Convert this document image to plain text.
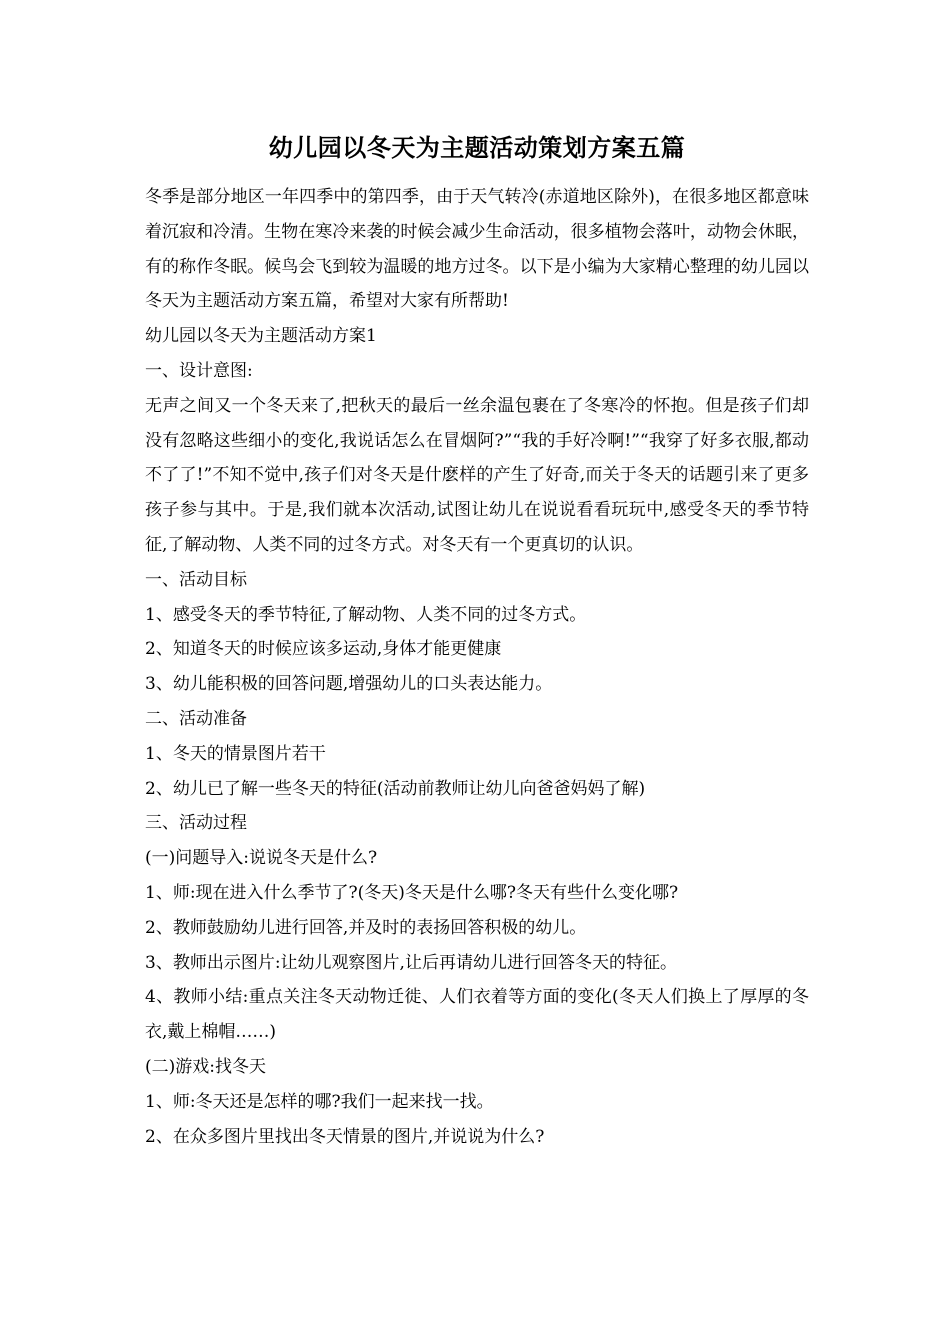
幼儿园以冬天为主题活动策划方案五篇

冬季是部分地区一年四季中的第四季，由于天气转冷(赤道地区除外)，在很多地区都意味着沉寂和冷清。生物在寒冷来袭的时候会减少生命活动，很多植物会落叶，动物会休眠，有的称作冬眠。候鸟会飞到较为温暖的地方过冬。以下是小编为大家精心整理的幼儿园以冬天为主题活动方案五篇，希望对大家有所帮助!

幼儿园以冬天为主题活动方案1

一、设计意图:

无声之间又一个冬天来了,把秋天的最后一丝余温包裹在了冬寒冷的怀抱。但是孩子们却没有忽略这些细小的变化,我说话怎么在冒烟阿?”“我的手好冷啊!”“我穿了好多衣服,都动不了了!”不知不觉中,孩子们对冬天是什麽样的产生了好奇,而关于冬天的话题引来了更多孩子参与其中。于是,我们就本次活动,试图让幼儿在说说看看玩玩中,感受冬天的季节特征,了解动物、人类不同的过冬方式。对冬天有一个更真切的认识。

一、活动目标

1、感受冬天的季节特征,了解动物、人类不同的过冬方式。

2、知道冬天的时候应该多运动,身体才能更健康

3、幼儿能积极的回答问题,增强幼儿的口头表达能力。

二、活动准备

1、冬天的情景图片若干

2、幼儿已了解一些冬天的特征(活动前教师让幼儿向爸爸妈妈了解)

三、活动过程

(一)问题导入:说说冬天是什么?

1、师:现在进入什么季节了?(冬天)冬天是什么哪?冬天有些什么变化哪?

2、教师鼓励幼儿进行回答,并及时的表扬回答积极的幼儿。

3、教师出示图片:让幼儿观察图片,让后再请幼儿进行回答冬天的特征。

4、教师小结:重点关注冬天动物迁徙、人们衣着等方面的变化(冬天人们换上了厚厚的冬衣,戴上棉帽……)

(二)游戏:找冬天

1、师:冬天还是怎样的哪?我们一起来找一找。

2、在众多图片里找出冬天情景的图片,并说说为什么?
